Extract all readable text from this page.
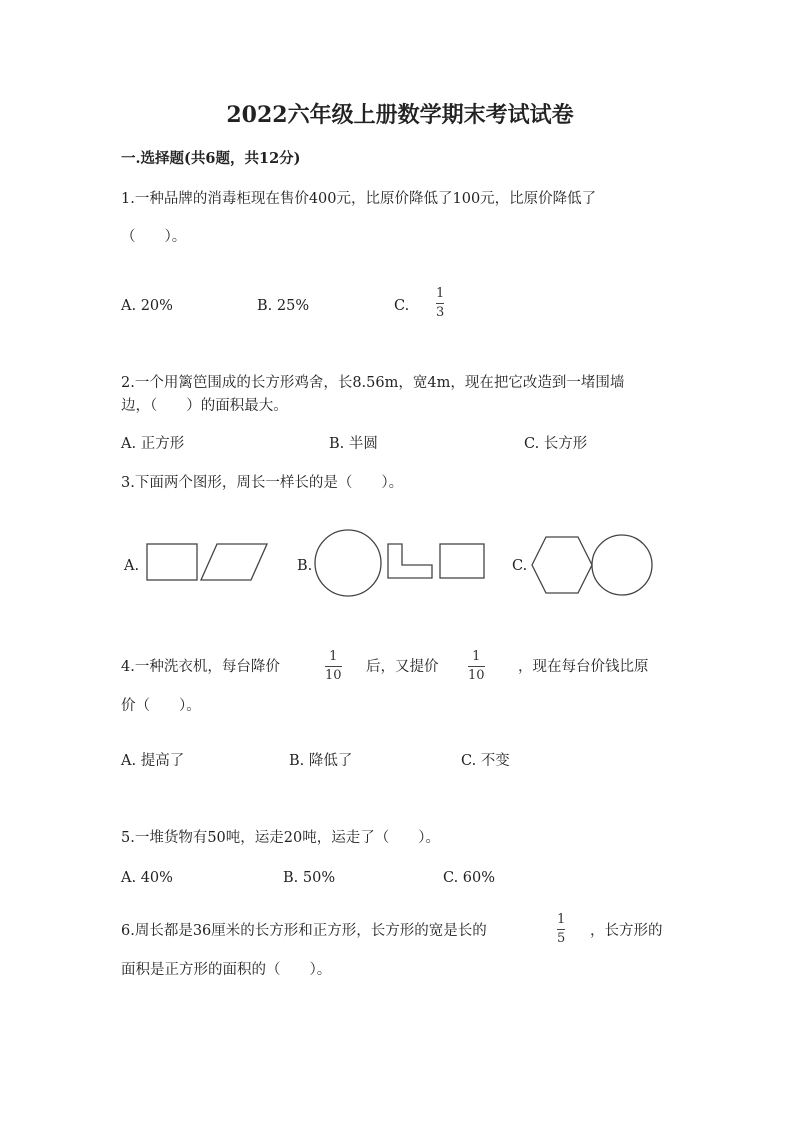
2022六年级上册数学期末考试试卷
一.选择题(共6题，共12分)
1.一种品牌的消毒柜现在售价400元，比原价降低了100元，比原价降低了
（　　）。
A. 20%	B. 25%	C.
1
3
2.一个用篱笆围成的长方形鸡舍，长8.56m，宽4m，现在把它改造到一堵围墙
边，（　　）的面积最大。
A. 正方形	B. 半圆	C. 长方形
3.下面两个图形，周长一样长的是（　　）。
A.	B.	C.
4.一种洗衣机，每台降价
1
10
后，又提价
1
10
，现在每台价钱比原
价（　　）。
A. 提高了	B. 降低了	C. 不变
5.一堆货物有50吨，运走20吨，运走了（　　）。
A. 40%	B. 50%	C. 60%
6.周长都是36厘米的长方形和正方形，长方形的宽是长的
1
5 ，长方形的
面积是正方形的面积的（　　）。
